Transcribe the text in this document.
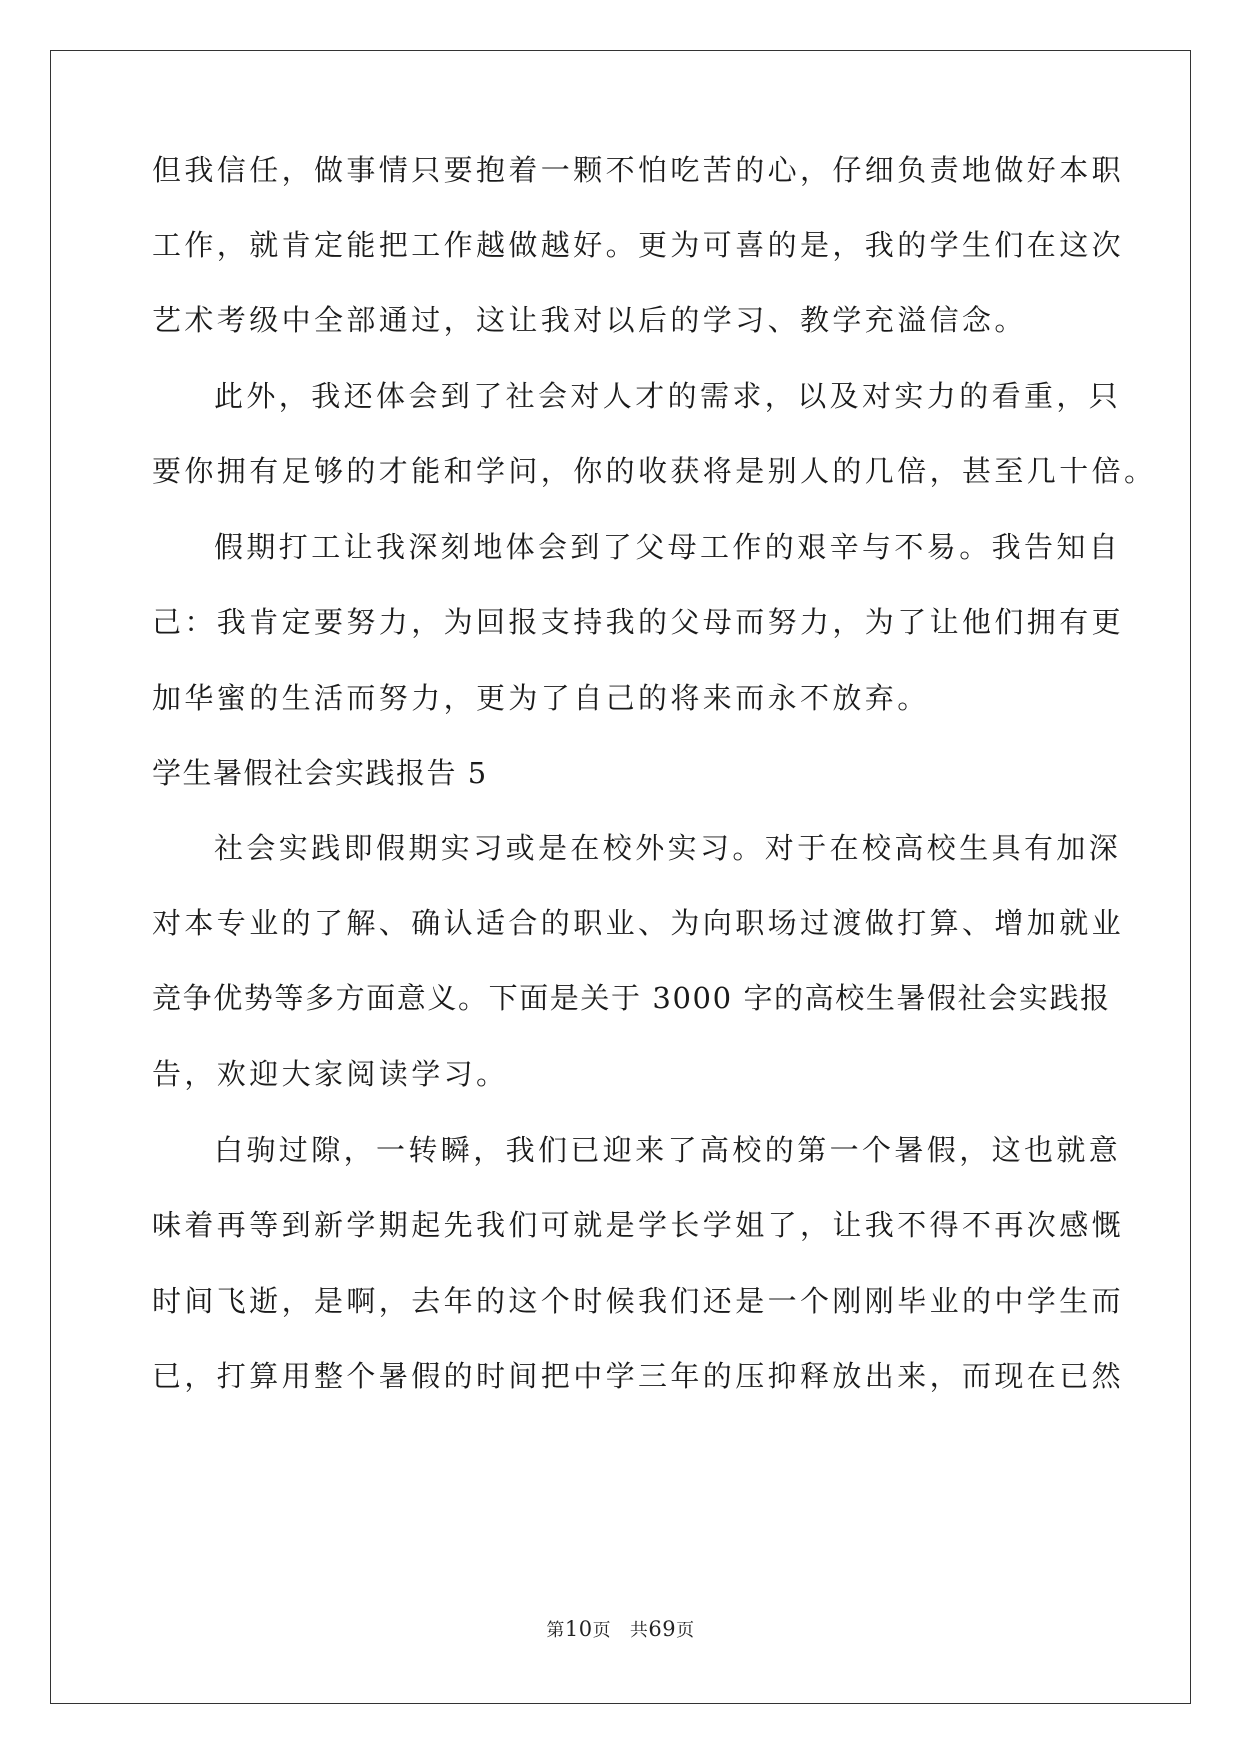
但我信任，做事情只要抱着一颗不怕吃苦的心，仔细负责地做好本职
工作，就肯定能把工作越做越好。更为可喜的是，我的学生们在这次
艺术考级中全部通过，这让我对以后的学习、教学充溢信念。
此外，我还体会到了社会对人才的需求，以及对实力的看重，只
要你拥有足够的才能和学问，你的收获将是别人的几倍，甚至几十倍。
假期打工让我深刻地体会到了父母工作的艰辛与不易。我告知自
己：我肯定要努力，为回报支持我的父母而努力，为了让他们拥有更
加华蜜的生活而努力，更为了自己的将来而永不放弃。
学生暑假社会实践报告 5
社会实践即假期实习或是在校外实习。对于在校高校生具有加深
对本专业的了解、确认适合的职业、为向职场过渡做打算、增加就业
竞争优势等多方面意义。下面是关于 3000 字的高校生暑假社会实践报
告，欢迎大家阅读学习。
白驹过隙，一转瞬，我们已迎来了高校的第一个暑假，这也就意
味着再等到新学期起先我们可就是学长学姐了，让我不得不再次感慨
时间飞逝，是啊，去年的这个时候我们还是一个刚刚毕业的中学生而
已，打算用整个暑假的时间把中学三年的压抑释放出来，而现在已然
第10页 共69页
